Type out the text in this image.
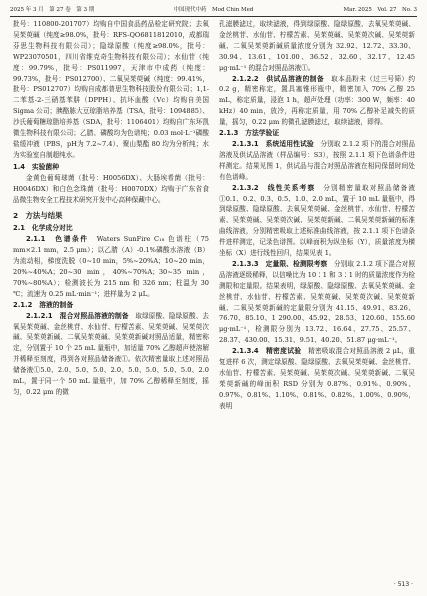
2025 年 3 月　第 27 卷　第 3 期	中国现代中药　Mod Chin Med	Mar. 2025　Vol. 27　No. 3

批号：110800-201707）均购自中国食品药品检定研究院；去氧吴茱萸碱（纯度≥98.0%，批号：RFS-QO6811812010，成都瑞芬思生物科技有限公司）；隐绿原酸（纯度≥98.0%，批号：WP23070501，四川省维克奇生物科技有限公司）；水仙苷（纯度：99.79%，批号：PS011997，天津市中成药（纯度：99.73%，批号：PS012700）、二氧吴茱萸碱（纯度：99.41%，批号：PS012707）均购自成都普思生物科技股份有限公司；1,1-二苯基-2-三硝基苯肼（DPPH）、抗坏血酸（Vc）均购自美国 Sigma 公司；胰酪胨大豆琼脂培养基（TSA，批号：1094885）、沙氏葡萄糖琼脂培养基（SDA，批号：1106401）均购自广东环凯微生物科技有限公司；乙腈、磷酸均为色谱纯；0.03 mol·L⁻¹磷酸盐缓冲液（PBS，pH为 7.2~7.4）、聚山梨酯 80 均为分析纯；水为实验室自制超纯水。

1.4　实验菌种

金黄色葡萄球菌（批号：H0056DX）、大肠埃希菌（批号：H0046DX）和白色念珠菌（批号：H0070DX）均购于广东省食品微生物安全工程技术研究开发中心高种保藏中心。

2　方法与结果
2.1　化学成分对比

2.1.1　色谱条件　 Waters SunFire C₁₈ 色谱柱（75 mm×2.1 mm，2.5 μm）；以乙腈（A）-0.1%磷酸水溶液（B）为流动相，梯度洗脱（0~10 min，5%~20%A；10~20 min，20%~40%A；20~30 min，40%~70%A；30~35 min，70%~80%A）；检测波长为 215 nm 和 326 nm；柱温为 30 ℃；流速为 0.25 mL·min⁻¹；进样量为 2 μL。

2.1.2　溶液的制备

2.1.2.1　混合对照品溶液的制备　 取绿原酸、隐绿原酸、去氧吴茱萸碱、金丝桃苷、水仙苷、柠檬苦素、吴茱萸碱、吴茱萸次碱、吴茱萸新碱、二氧吴茱萸碱、吴茱萸新碱对照品适量，精密称定，分别置于 10 个 25 mL 量瓶中，加适量 70% 乙醇超声使溶解并稀释至刻度，得到各对照品储备液①。依次精密量取上述对照品储备液①5.0、2.0、5.0、5.0、2.0、5.0、5.0、5.0、5.0、2.0 mL，置于同一个 50 mL 量瓶中，加 70% 乙醇稀释至刻度，摇匀，0.22 μm 的微

孔滤膜滤过，取续滤液，得到绿原酸、隐绿原酸、去氧吴茱萸碱、金丝桃苷、水仙苷、柠檬苦素、吴茱萸碱、吴茱萸次碱、吴茱萸新碱、二氧吴茱萸新碱质量浓度分别为 32.92、12.72、33.30、30.94、13.61、101.00、36.52、32.60、32.17、12.45 μg·mL⁻¹ 的混合对照品溶液①。

2.1.2.2　供试品溶液的制备　 取本品粉末（过三号筛）约 0.2 g，精密称定，置具塞锥形瓶中，精密加入 70% 乙醇 25 mL，称定质量，浸泡 1 h，超声处理（功率：300 W，频率：40 kHz）40 min，放冷，再称定质量，用 70% 乙醇补足减失的质量，摇匀，0.22 μm 的微孔滤膜滤过，取续滤液，即得。

2.1.3　方法学验证

2.1.3.1　系统适用性试验　 分别取 2.1.2 项下的混合对照品溶液及供试品溶液（样品编号：S3），按照 2.1.1 项下色谱条件进样测定。结果见图 1，供试品与混合对照品溶液在相同保留时间处有色谱峰。

2.1.3.2　线性关系考察　 分别精密量取对照品储备液①0.1、0.2、0.3、0.5、1.0、2.0 mL，置于 10 mL 量瓶中，得到绿原酸、隐绿原酸、去氧吴茱萸碱、金丝桃苷、水仙苷、柠檬苦素、吴茱萸碱、吴茱萸次碱、吴茱萸新碱、二氧吴茱萸新碱的标准曲线溶液，分别精密吸取上述标准曲线溶液，按 2.1.1 项下色谱条件进样测定，记录色谱图。以峰面积为纵坐标（Y），质量浓度为横坐标（X）进行线性回归，结果见表 1。

2.1.3.3　定量限、检测限考察　 分别取 2.1.2 项下混合对照品溶液逐级稀释，以信噪比为 10∶1 和 3∶1 时的质量浓度作为检测限和定量限。结果表明，绿原酸、隐绿原酸、去氧吴茱萸碱、金丝桃苷、水仙苷、柠檬苦素、吴茱萸碱、吴茱萸次碱、吴茱萸新碱、二氧吴茱萸新碱的定量限分别为 41.15、49.91、83.26、76.70、85.10、1 290.00、45.92、28.53、120.60、155.60 μg·mL⁻¹，检测限分别为 13.72、16.64、27.75、25.57、28.37、430.00、15.31、9.51、40.20、51.87 μg·mL⁻¹。

2.1.3.4　精密度试验　 精密吸取混合对照品溶液 2 μL，重复进样 6 次，测定绿原酸、隐绿原酸、去氧吴茱萸碱、金丝桃苷、水仙苷、柠檬苦素、吴茱萸碱、吴茱萸次碱、吴茱萸新碱、二氧吴茱萸新碱的峰面积 RSD 分别为 0.87%、0.91%、0.90%、0.97%、0.81%、1.10%、0.81%、0.82%、1.00%、0.90%，表明

· 513 ·
